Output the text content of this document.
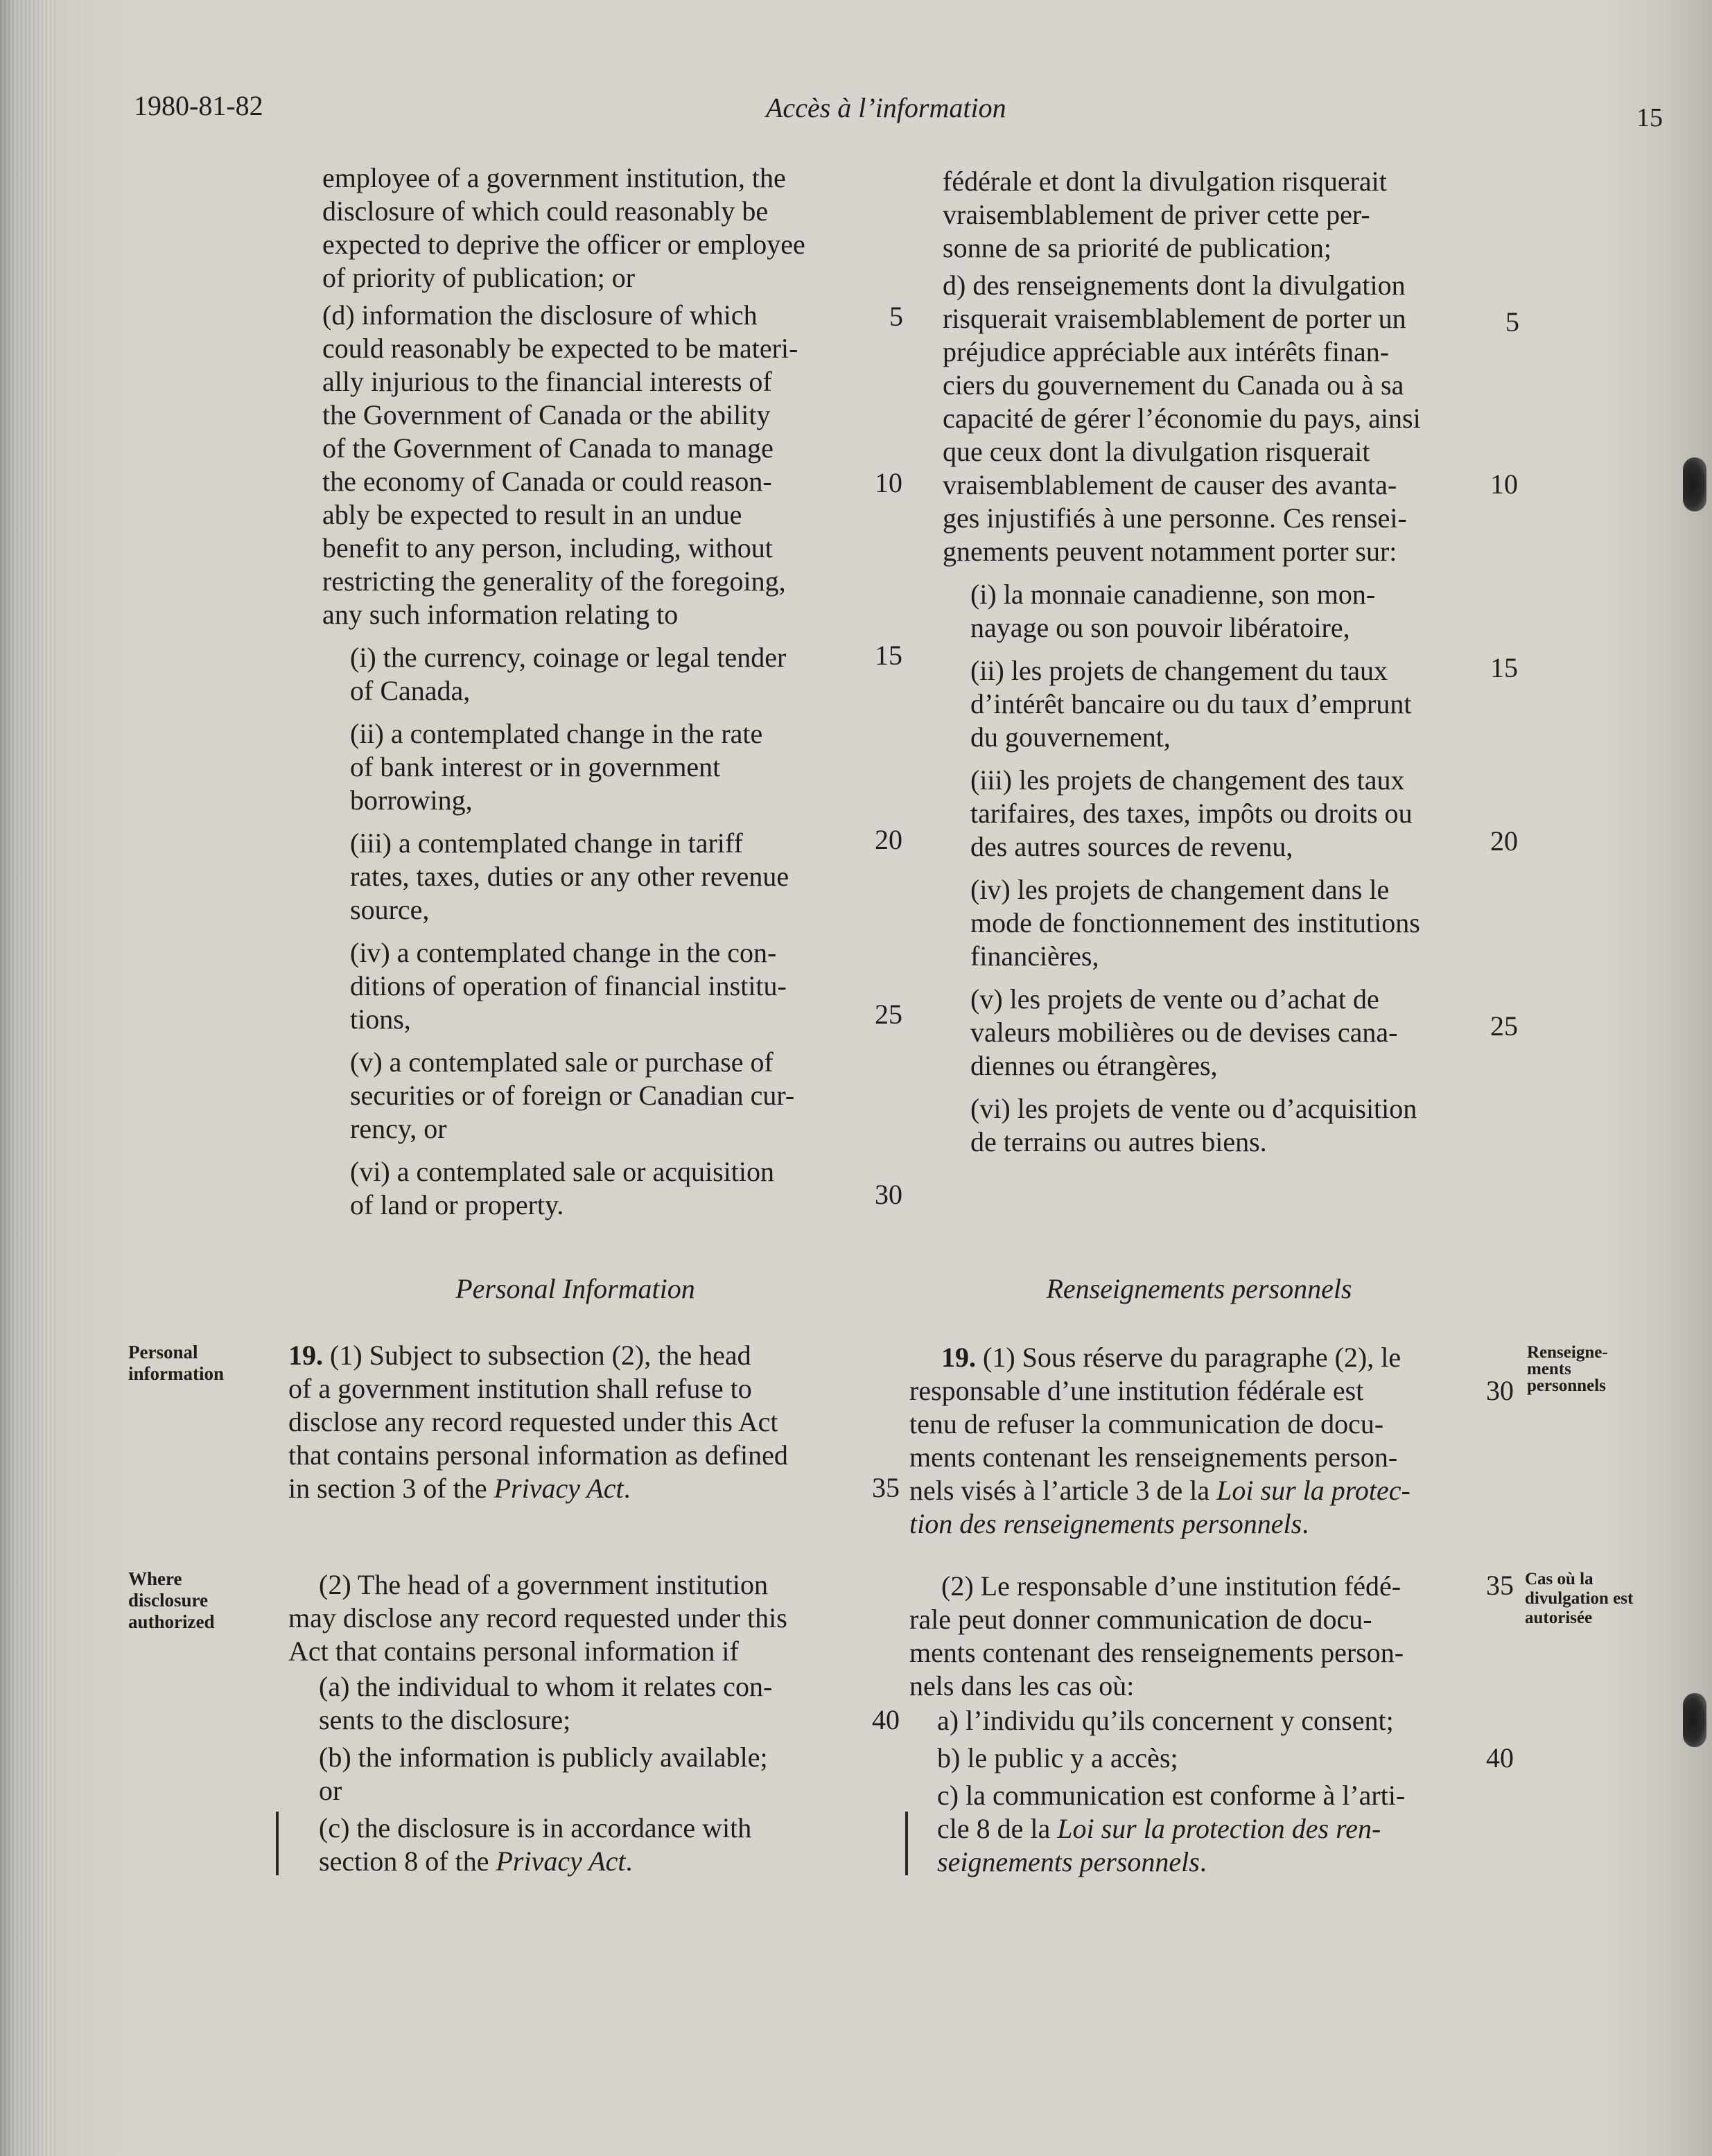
1980-81-82	Accès à l’information	15
employee of a government institution, the
disclosure of which could reasonably be
expected to deprive the officer or employee
of priority of publication; or
(d) information the disclosure of which
could reasonably be expected to be materi-
ally injurious to the financial interests of
the Government of Canada or the ability
of the Government of Canada to manage
the economy of Canada or could reason-
ably be expected to result in an undue
benefit to any person, including, without
restricting the generality of the foregoing,
any such information relating to
(i) the currency, coinage or legal tender
of Canada,
(ii) a contemplated change in the rate
of bank interest or in government
borrowing,
(iii) a contemplated change in tariff
rates, taxes, duties or any other revenue
source,
(iv) a contemplated change in the con-
ditions of operation of financial institu-
tions,
(v) a contemplated sale or purchase of
securities or of foreign or Canadian cur-
rency, or
(vi) a contemplated sale or acquisition
of land or property.
fédérale et dont la divulgation risquerait
vraisemblablement de priver cette per-
sonne de sa priorité de publication;
d) des renseignements dont la divulgation
risquerait vraisemblablement de porter un
préjudice appréciable aux intérêts finan-
ciers du gouvernement du Canada ou à sa
capacité de gérer l’économie du pays, ainsi
que ceux dont la divulgation risquerait
vraisemblablement de causer des avanta-
ges injustifiés à une personne. Ces rensei-
gnements peuvent notamment porter sur:
(i) la monnaie canadienne, son mon-
nayage ou son pouvoir libératoire,
(ii) les projets de changement du taux
d’intérêt bancaire ou du taux d’emprunt
du gouvernement,
(iii) les projets de changement des taux
tarifaires, des taxes, impôts ou droits ou
des autres sources de revenu,
(iv) les projets de changement dans le
mode de fonctionnement des institutions
financières,
(v) les projets de vente ou d’achat de
valeurs mobilières ou de devises cana-
diennes ou étrangères,
(vi) les projets de vente ou d’acquisition
de terrains ou autres biens.
5
10
15
20
25
30
35
40
5
10
15
20
25
30
35
40
Personal Information	Renseignements personnels
Personal
information
Where
disclosure
authorized
Renseigne-
ments
personnels
Cas où la
divulgation est
autorisée
19. (1) Subject to subsection (2), the head
of a government institution shall refuse to
disclose any record requested under this Act
that contains personal information as defined
in section 3 of the Privacy Act.
(2) The head of a government institution
may disclose any record requested under this
Act that contains personal information if
(a) the individual to whom it relates con-
sents to the disclosure;
(b) the information is publicly available;
or
(c) the disclosure is in accordance with
section 8 of the Privacy Act.
19. (1) Sous réserve du paragraphe (2), le
responsable d’une institution fédérale est
tenu de refuser la communication de docu-
ments contenant les renseignements person-
nels visés à l’article 3 de la Loi sur la protec-
tion des renseignements personnels.
(2) Le responsable d’une institution fédé-
rale peut donner communication de docu-
ments contenant des renseignements person-
nels dans les cas où:
a) l’individu qu’ils concernent y consent;
b) le public y a accès;
c) la communication est conforme à l’arti-
cle 8 de la Loi sur la protection des ren-
seignements personnels.
